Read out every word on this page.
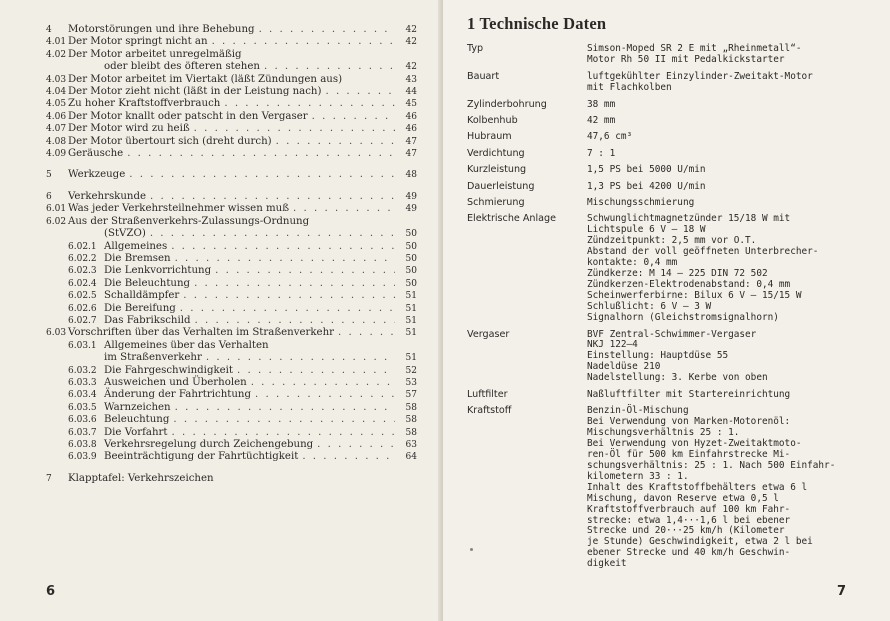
4	Motorstörungen und ihre Behebung . . .	42
4.01 Der Motor springt nicht an . . .	42
4.02 Der Motor arbeitet unregelmäßig
oder bleibt des öfteren stehen . . .	42
4.03 Der Motor arbeitet im Viertakt (läßt Zündungen aus)	43
4.04 Der Motor zieht nicht (läßt in der Leistung nach) . . .	44
4.05 Zu hoher Kraftstoffverbrauch . . .	45
4.06 Der Motor knallt oder patscht in den Vergaser . . .	46
4.07 Der Motor wird zu heiß . . .	46
4.08 Der Motor übertourt sich (dreht durch) . . .	47
4.09 Geräusche . . .	47
5	Werkzeuge . . .	48
6	Verkehrskunde . . .	49
6.01 Was jeder Verkehrsteilnehmer wissen muß . . .	49
6.02 Aus der Straßenverkehrs-Zulassungs-Ordnung
(StVZO) . . .	50
6.02.1 Allgemeines . . .	50
6.02.2 Die Bremsen . . .	50
6.02.3 Die Lenkvorrichtung . . .	50
6.02.4 Die Beleuchtung . . .	50
6.02.5 Schalldämpfer . . .	51
6.02.6 Die Bereifung . . .	51
6.02.7 Das Fabrikschild . . .	51
6.03 Vorschriften über das Verhalten im Straßenverkehr . . .	51
6.03.1 Allgemeines über das Verhalten
im Straßenverkehr . . .	51
6.03.2 Die Fahrgeschwindigkeit . . .	52
6.03.3 Ausweichen und Überholen . . .	53
6.03.4 Änderung der Fahrtrichtung . . .	57
6.03.5 Warnzeichen . . .	58
6.03.6 Beleuchtung . . .	58
6.03.7 Die Vorfahrt . . .	58
6.03.8 Verkehrsregelung durch Zeichengebung . . .	63
6.03.9 Beeinträchtigung der Fahrtüchtigkeit . . .	64
7	Klapptafel: Verkehrszeichen
6
1 Technische Daten
Typ	Simson-Moped SR 2 E mit „Rheinmetall“-
Motor Rh 50 II mit Pedalkickstarter
Bauart	luftgekühlter Einzylinder-Zweitakt-Motor
mit Flachkolben
Zylinderbohrung	38 mm
Kolbenhub	42 mm
Hubraum	47,6 cm³
Verdichtung	7 : 1
Kurzleistung	1,5 PS bei 5000 U/min
Dauerleistung	1,3 PS bei 4200 U/min
Schmierung	Mischungsschmierung
Elektrische Anlage	Schwunglichtmagnetzünder 15/18 W mit
Lichtspule 6 V — 18 W
Zündzeitpunkt: 2,5 mm vor O.T.
Abstand der voll geöffneten Unterbrecher-
kontakte: 0,4 mm
Zündkerze: M 14 — 225 DIN 72 502
Zündkerzen-Elektrodenabstand: 0,4 mm
Scheinwerferbirne: Bilux 6 V — 15/15 W
Schlußlicht: 6 V — 3 W
Signalhorn (Gleichstromsignalhorn)
Vergaser	BVF Zentral-Schwimmer-Vergaser
NKJ 122—4
Einstellung: Hauptdüse 55
Nadeldüse 210
Nadelstellung: 3. Kerbe von oben
Luftfilter	Naßluftfilter mit Startereinrichtung
Kraftstoff	Benzin-Öl-Mischung
Bei Verwendung von Marken-Motorenöl:
Mischungsverhältnis 25 : 1.
Bei Verwendung von Hyzet-Zweitaktmoto-
ren-Öl für 500 km Einfahrstrecke Mi-
schungsverhältnis: 25 : 1. Nach 500 Einfahr-
kilometern 33 : 1.
Inhalt des Kraftstoffbehälters etwa 6 l
Mischung, davon Reserve etwa 0,5 l
Kraftstoffverbrauch auf 100 km Fahr-
strecke: etwa 1,4···1,6 l bei ebener
Strecke und 20···25 km/h (Kilometer
je Stunde) Geschwindigkeit, etwa 2 l bei
ebener Strecke und 40 km/h Geschwin-
digkeit
7
